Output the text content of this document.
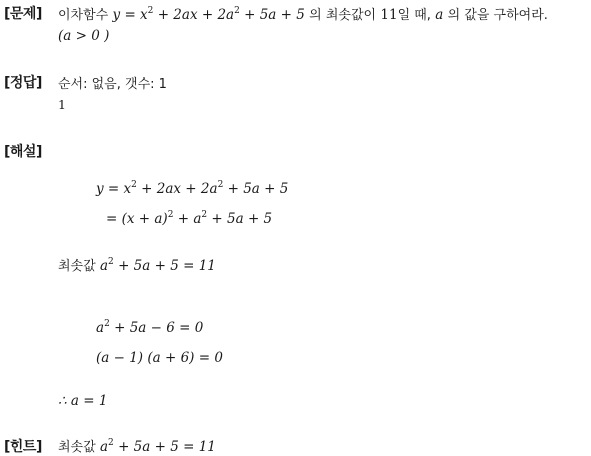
[문제] 이차함수 $y = x^2 + 2ax + 2a^2 + 5a + 5$ 의 최솟값이 11일 때, a 의 값을 구하여라.
(a > 0 )
[정답] 순서: 없음, 갯수: 1
1
[해설]
$y = x^2 + 2ax + 2a^2 + 5a + 5$
= $(x + a)^2 + a^2 + 5a + 5$
최솟값 $a^2 + 5a + 5 = 11$
$a^2 + 5a - 6 = 0$
(a − 1) (a + 6) = 0
∴ a = 1
[힌트] 최솟값 $a^2 + 5a + 5 = 11$
